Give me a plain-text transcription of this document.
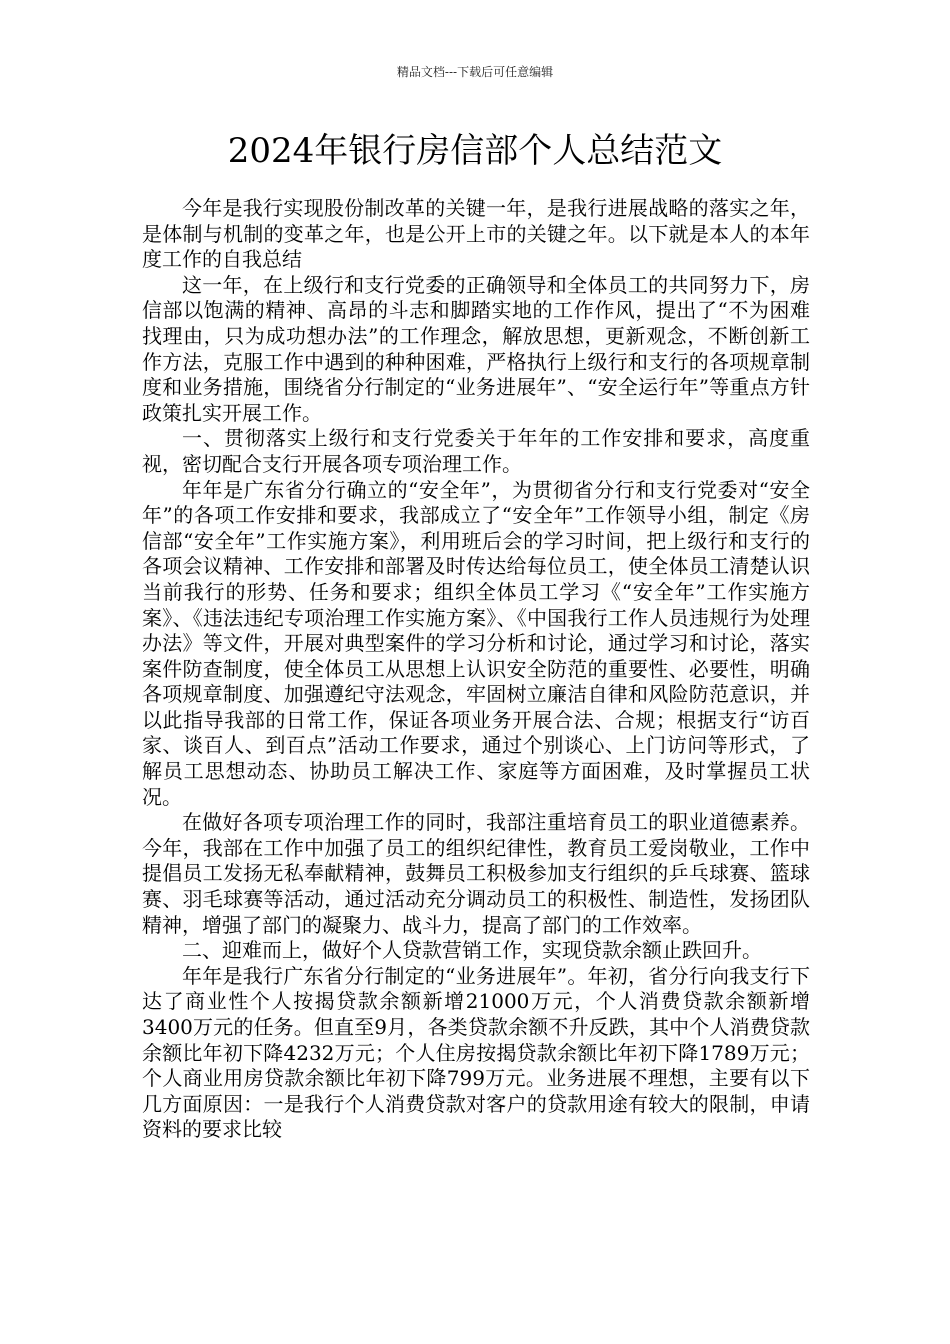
精品文档---下载后可任意编辑
2024年银行房信部个人总结范文

今年是我行实现股份制改革的关键一年，是我行进展战略的落实之年，是体制与机制的变革之年，也是公开上市的关键之年。以下就是本人的本年度工作的自我总结

这一年，在上级行和支行党委的正确领导和全体员工的共同努力下，房信部以饱满的精神、高昂的斗志和脚踏实地的工作作风，提出了“不为困难找理由，只为成功想办法”的工作理念，解放思想，更新观念，不断创新工作方法，克服工作中遇到的种种困难，严格执行上级行和支行的各项规章制度和业务措施，围绕省分行制定的“业务进展年”、“安全运行年”等重点方针政策扎实开展工作。

一、贯彻落实上级行和支行党委关于年年的工作安排和要求，高度重视，密切配合支行开展各项专项治理工作。

年年是广东省分行确立的“安全年”，为贯彻省分行和支行党委对“安全年”的各项工作安排和要求，我部成立了“安全年”工作领导小组，制定《房信部“安全年”工作实施方案》，利用班后会的学习时间，把上级行和支行的各项会议精神、工作安排和部署及时传达给每位员工，使全体员工清楚认识当前我行的形势、任务和要求；组织全体员工学习《“安全年”工作实施方案》、《违法违纪专项治理工作实施方案》、《中国我行工作人员违规行为处理办法》等文件，开展对典型案件的学习分析和讨论，通过学习和讨论，落实案件防查制度，使全体员工从思想上认识安全防范的重要性、必要性，明确各项规章制度、加强遵纪守法观念，牢固树立廉洁自律和风险防范意识，并以此指导我部的日常工作，保证各项业务开展合法、合规；根据支行“访百家、谈百人、到百点”活动工作要求，通过个别谈心、上门访问等形式，了解员工思想动态、协助员工解决工作、家庭等方面困难，及时掌握员工状况。

在做好各项专项治理工作的同时，我部注重培育员工的职业道德素养。今年，我部在工作中加强了员工的组织纪律性，教育员工爱岗敬业，工作中提倡员工发扬无私奉献精神，鼓舞员工积极参加支行组织的乒乓球赛、篮球赛、羽毛球赛等活动，通过活动充分调动员工的积极性、制造性，发扬团队精神，增强了部门的凝聚力、战斗力，提高了部门的工作效率。

二、迎难而上，做好个人贷款营销工作，实现贷款余额止跌回升。

年年是我行广东省分行制定的“业务进展年”。年初，省分行向我支行下达了商业性个人按揭贷款余额新增21000万元，个人消费贷款余额新增3400万元的任务。但直至9月，各类贷款余额不升反跌，其中个人消费贷款余额比年初下降4232万元；个人住房按揭贷款余额比年初下降1789万元；个人商业用房贷款余额比年初下降799万元。业务进展不理想，主要有以下几方面原因：一是我行个人消费贷款对客户的贷款用途有较大的限制，申请资料的要求比较
